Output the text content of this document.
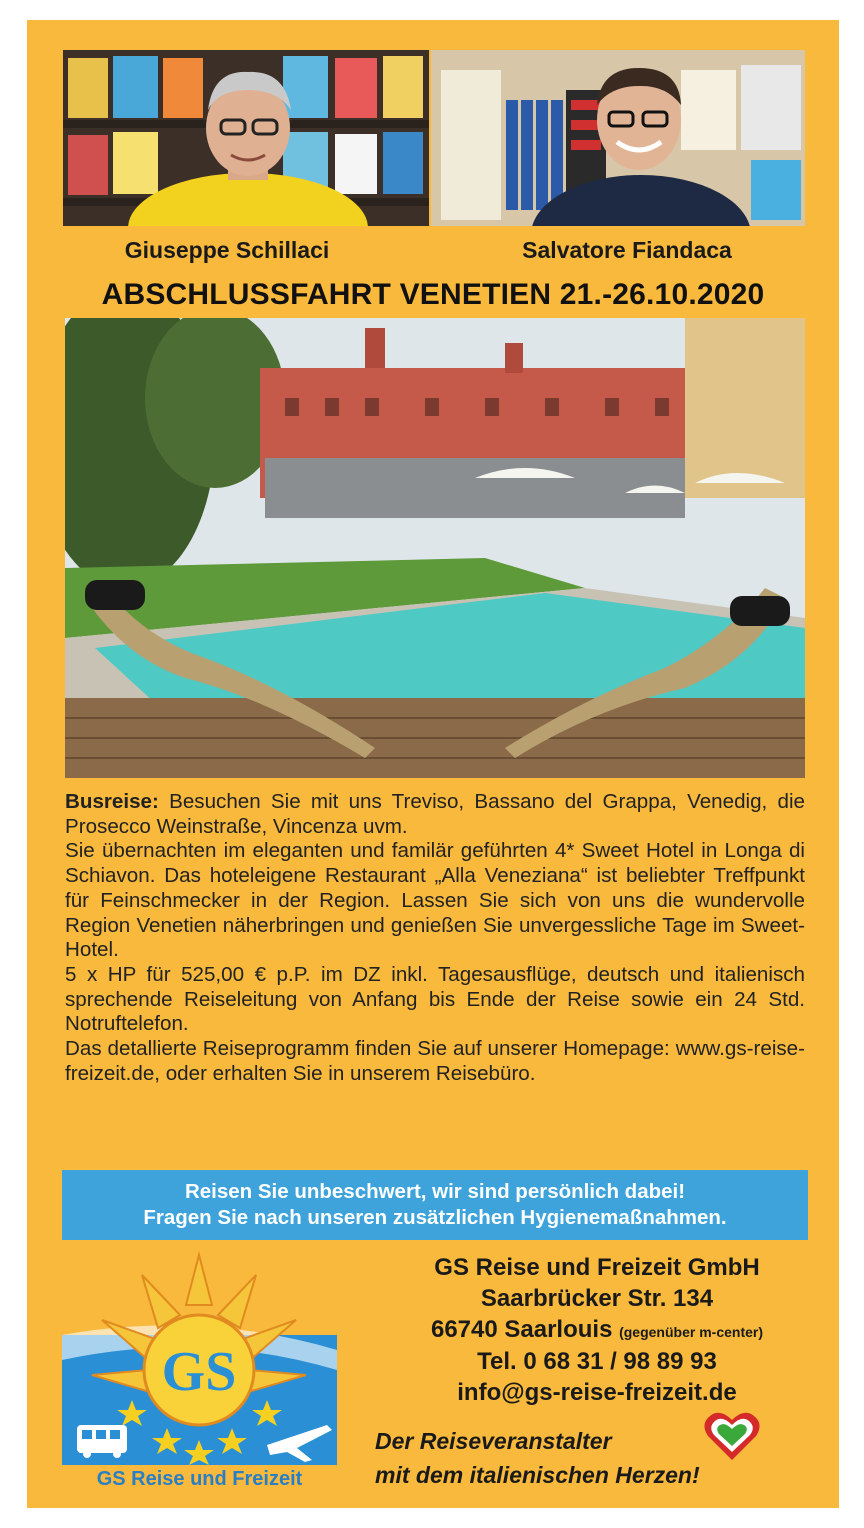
Giuseppe Schillaci	Salvatore Fiandaca
ABSCHLUSSFAHRT VENETIEN 21.-26.10.2020

Busreise: Besuchen Sie mit uns Treviso, Bassano del Grappa, Venedig, die Prosecco Weinstraße, Vincenza uvm.

Sie übernachten im eleganten und familär geführten 4* Sweet Hotel in Longa di Schiavon. Das hoteleigene Restaurant „Alla Veneziana“ ist beliebter Treffpunkt für Feinschmecker in der Region. Lassen Sie sich von uns die wundervolle Region Venetien näherbringen und genießen Sie unvergessliche Tage im Sweet-Hotel.

5 x HP für 525,00 € p.P. im DZ inkl. Tagesausflüge, deutsch und italienisch sprechende Reiseleitung von Anfang bis Ende der Reise sowie ein 24 Std. Notruftelefon.

Das detallierte Reiseprogramm finden Sie auf unserer Homepage: www.gs-reise-freizeit.de, oder erhalten Sie in unserem Reisebüro.

Reisen Sie unbeschwert, wir sind persönlich dabei!
Fragen Sie nach unseren zusätzlichen Hygienemaßnahmen.
GS
GS Reise und Freizeit
GS Reise und Freizeit GmbH
Saarbrücker Str. 134
66740 Saarlouis (gegenüber m-center)
Tel. 0 68 31 / 98 89 93
info@gs-reise-freizeit.de
Der Reiseveranstalter
mit dem italienischen Herzen!
